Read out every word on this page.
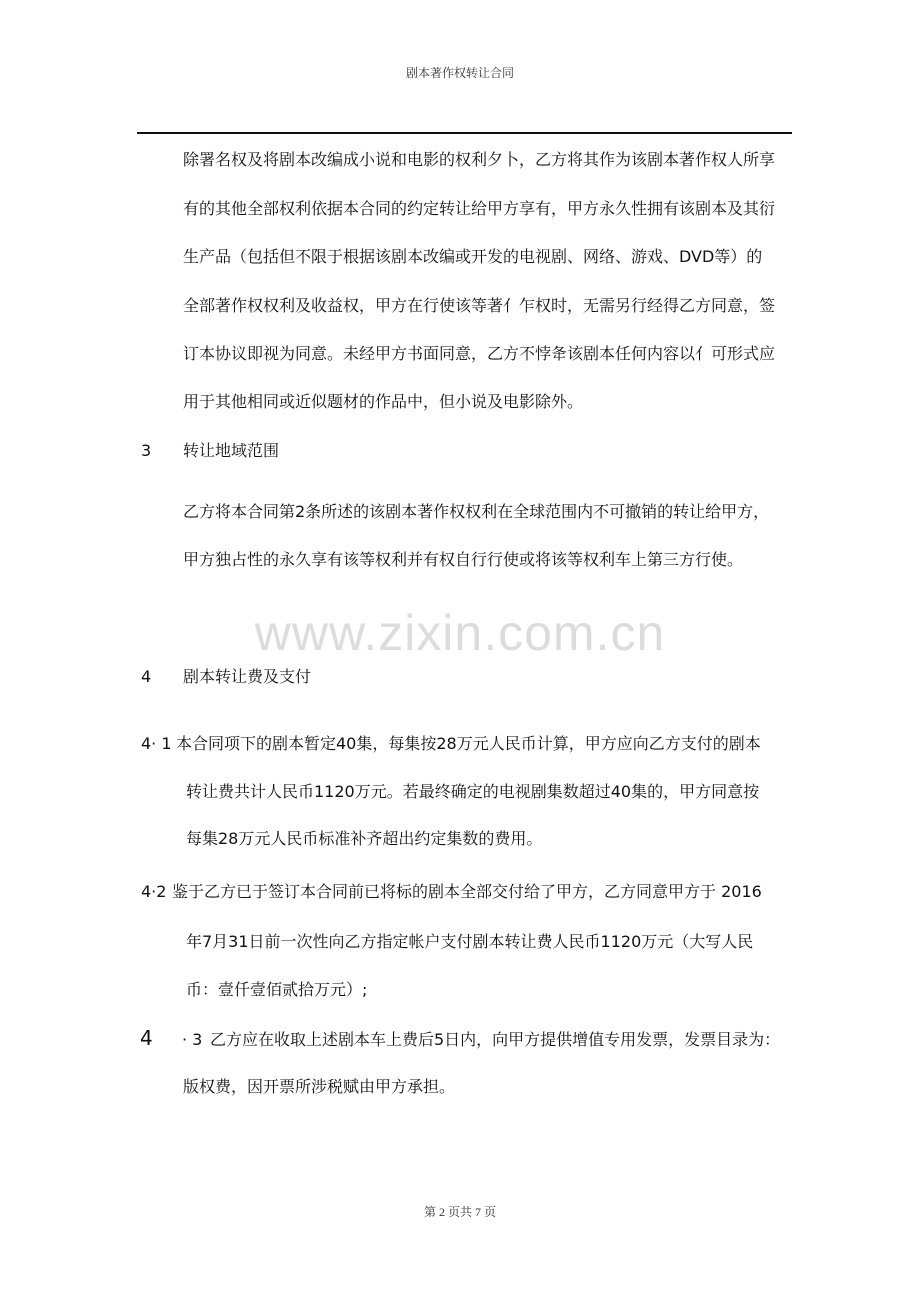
剧本著作权转让合同
除署名权及将剧本改编成小说和电影的权利夕卜，乙方将其作为该剧本著作权人所享
有的其他全部权利依据本合同的约定转让给甲方享有，甲方永久性拥有该剧本及其衍
生产品（包括但不限于根据该剧本改编或开发的电视剧、网络、游戏、DVD等）的
全部著作权权利及收益权，甲方在行使该等著亻乍权时，无需另行经得乙方同意，签
订本协议即视为同意。未经甲方书面同意，乙方不悖夅该剧本任何内容以亻可形式应
用于其他相同或近似题材的作品中，但小说及电影除外。
3 转让地域范围
乙方将本合同第2条所述的该剧本著作权权利在全球范围内不可撤销的转让给甲方，
甲方独占性的永久享有该等权利并有权自行行使或将该等权利车上第三方行使。
www.zixin.com.cn
4 剧本转让费及支付
4· 1 本合同项下的剧本暂定40集，每集按28万元人民币计算，甲方应向乙方支付的剧本
转让费共计人民币1120万元。若最终确定的电视剧集数超过40集的，甲方同意按
每集28万元人民币标准补齐超出约定集数的费用。
4·2 鉴于乙方已于签订本合同前已将标的剧本全部交付给了甲方，乙方同意甲方于 2016
年7月31日前一次性向乙方指定帐户支付剧本转让费人民币1120万元（大写人民
币：壹仟壹佰贰拾万元）;
4 · 3 乙方应在收取上述剧本车上费后5日内，向甲方提供增值专用发票，发票目录为：
版权费，因开票所涉税赋由甲方承担。
第 2 页共 7 页
